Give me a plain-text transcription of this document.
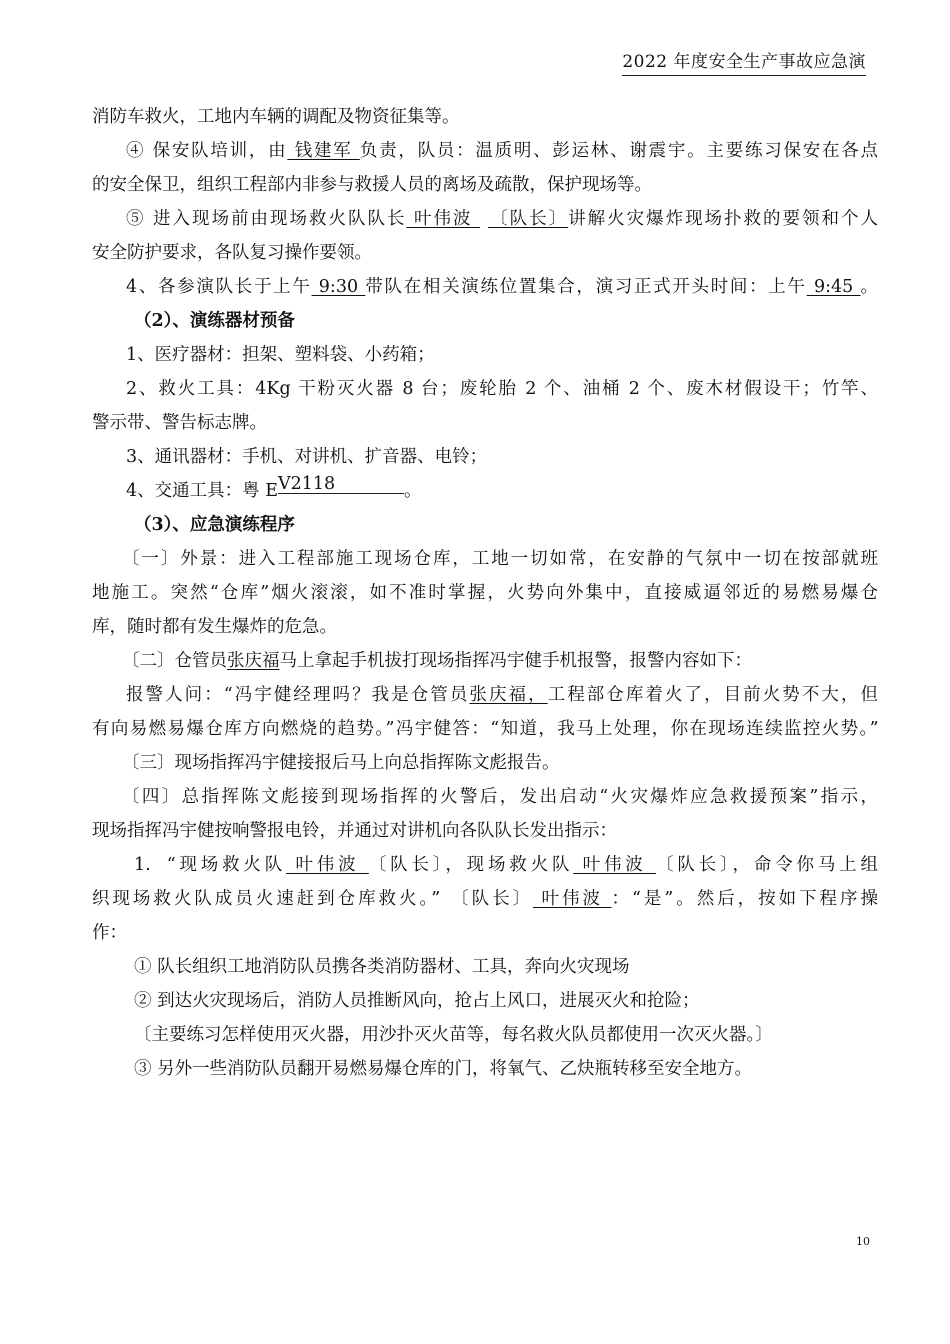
2022 年度安全生产事故应急演
消防车救火，工地内车辆的调配及物资征集等。
④ 保安队培训，由 钱建军 负责，队员：温质明、彭运林、谢震宇。主要练习保安在各点
的安全保卫，组织工程部内非参与救援人员的离场及疏散，保护现场等。
⑤ 进入现场前由现场救火队队长 叶伟波 〔队长〕讲解火灾爆炸现场扑救的要领和个人
安全防护要求，各队复习操作要领。
4、各参演队长于上午 9:30 带队在相关演练位置集合，演习正式开头时间：上午 9:45 。
（2）、演练器材预备
1、医疗器材：担架、塑料袋、小药箱；
2、救火工具：4Kg 干粉灭火器 8 台；废轮胎 2 个、油桶 2 个、废木材假设干；竹竿、
警示带、警告标志牌。
3、通讯器材：手机、对讲机、扩音器、电铃；
4、交通工具：粤 EV2118	。
（3）、应急演练程序
〔一〕外景：进入工程部施工现场仓库，工地一切如常，在安静的气氛中一切在按部就班
地施工。突然“仓库”烟火滚滚，如不准时掌握，火势向外集中，直接威逼邻近的易燃易爆仓
库，随时都有发生爆炸的危急。
〔二〕仓管员张庆福马上拿起手机拔打现场指挥冯宇健手机报警，报警内容如下：
报警人问：“冯宇健经理吗？我是仓管员张庆福，工程部仓库着火了，目前火势不大，但
有向易燃易爆仓库方向燃烧的趋势。”冯宇健答：“知道，我马上处理，你在现场连续监控火势。”
〔三〕现场指挥冯宇健接报后马上向总指挥陈文彪报告。
〔四〕总指挥陈文彪接到现场指挥的火警后，发出启动“火灾爆炸应急救援预案”指示，
现场指挥冯宇健按响警报电铃，并通过对讲机向各队队长发出指示：
1. “现场救火队 叶伟波 〔队长〕，现场救火队 叶伟波 〔队长〕，命令你马上组
织现场救火队成员火速赶到仓库救火。” 〔队长〕 叶伟波 ：“是”。然后，按如下程序操
作：
① 队长组织工地消防队员携各类消防器材、工具，奔向火灾现场
② 到达火灾现场后，消防人员推断风向，抢占上风口，进展灭火和抢险；
〔主要练习怎样使用灭火器，用沙扑灭火苗等，每名救火队员都使用一次灭火器。〕
③ 另外一些消防队员翻开易燃易爆仓库的门，将氧气、乙炔瓶转移至安全地方。
10
